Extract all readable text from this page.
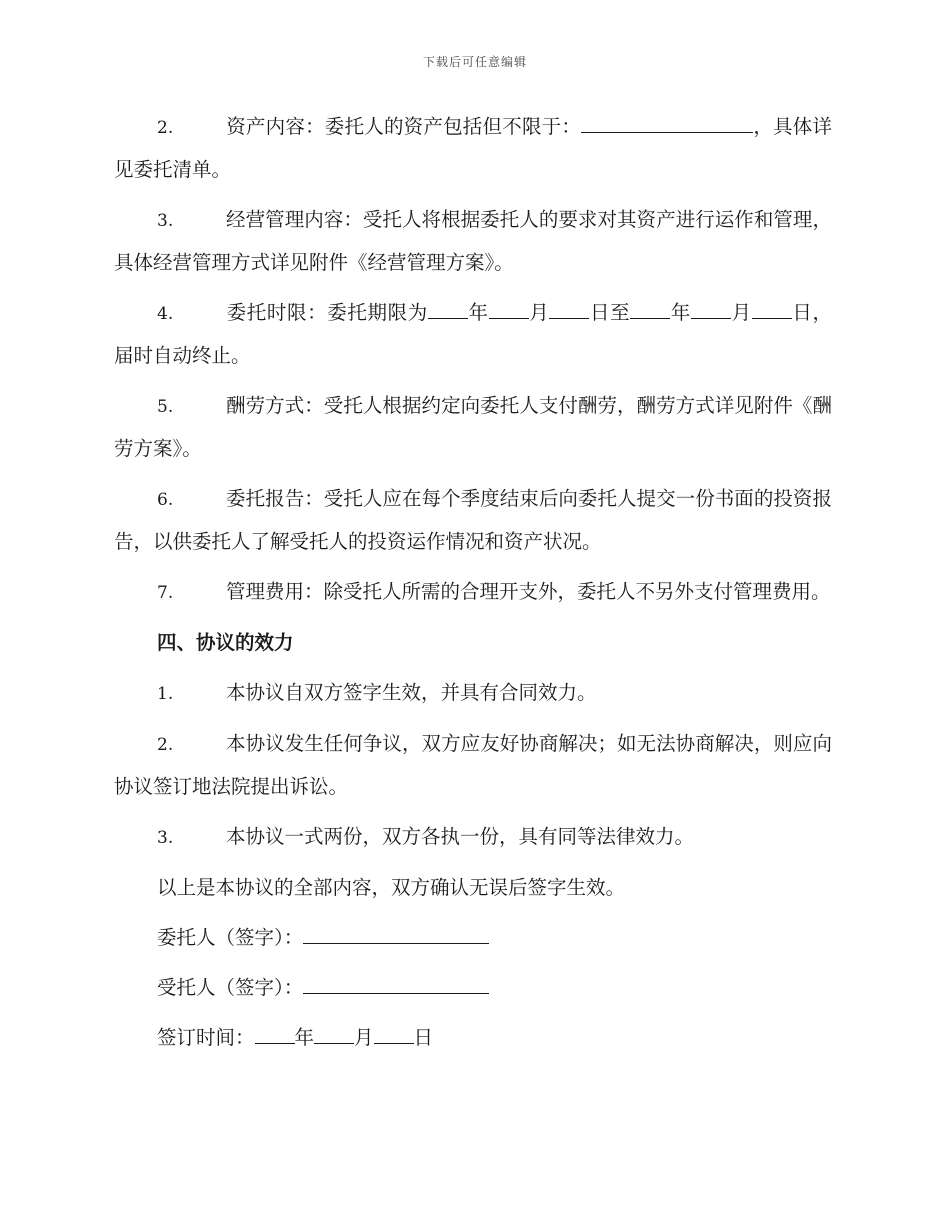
下载后可任意编辑
2.	资产内容：委托人的资产包括但不限于：	，具体详见委托清单。
3.	经营管理内容：受托人将根据委托人的要求对其资产进行运作和管理，具体经营管理方式详见附件《经营管理方案》。
4.	委托时限：委托期限为 年 月 日至 年 月 日，届时自动终止。
5.	酬劳方式：受托人根据约定向委托人支付酬劳，酬劳方式详见附件《酬劳方案》。
6.	委托报告：受托人应在每个季度结束后向委托人提交一份书面的投资报告，以供委托人了解受托人的投资运作情况和资产状况。
7.	管理费用：除受托人所需的合理开支外，委托人不另外支付管理费用。
四、协议的效力
1.	本协议自双方签字生效，并具有合同效力。
2.	本协议发生任何争议，双方应友好协商解决；如无法协商解决，则应向协议签订地法院提出诉讼。
3.	本协议一式两份，双方各执一份，具有同等法律效力。
以上是本协议的全部内容，双方确认无误后签字生效。
委托人（签字）：
受托人（签字）：
签订时间： 年 月 日
